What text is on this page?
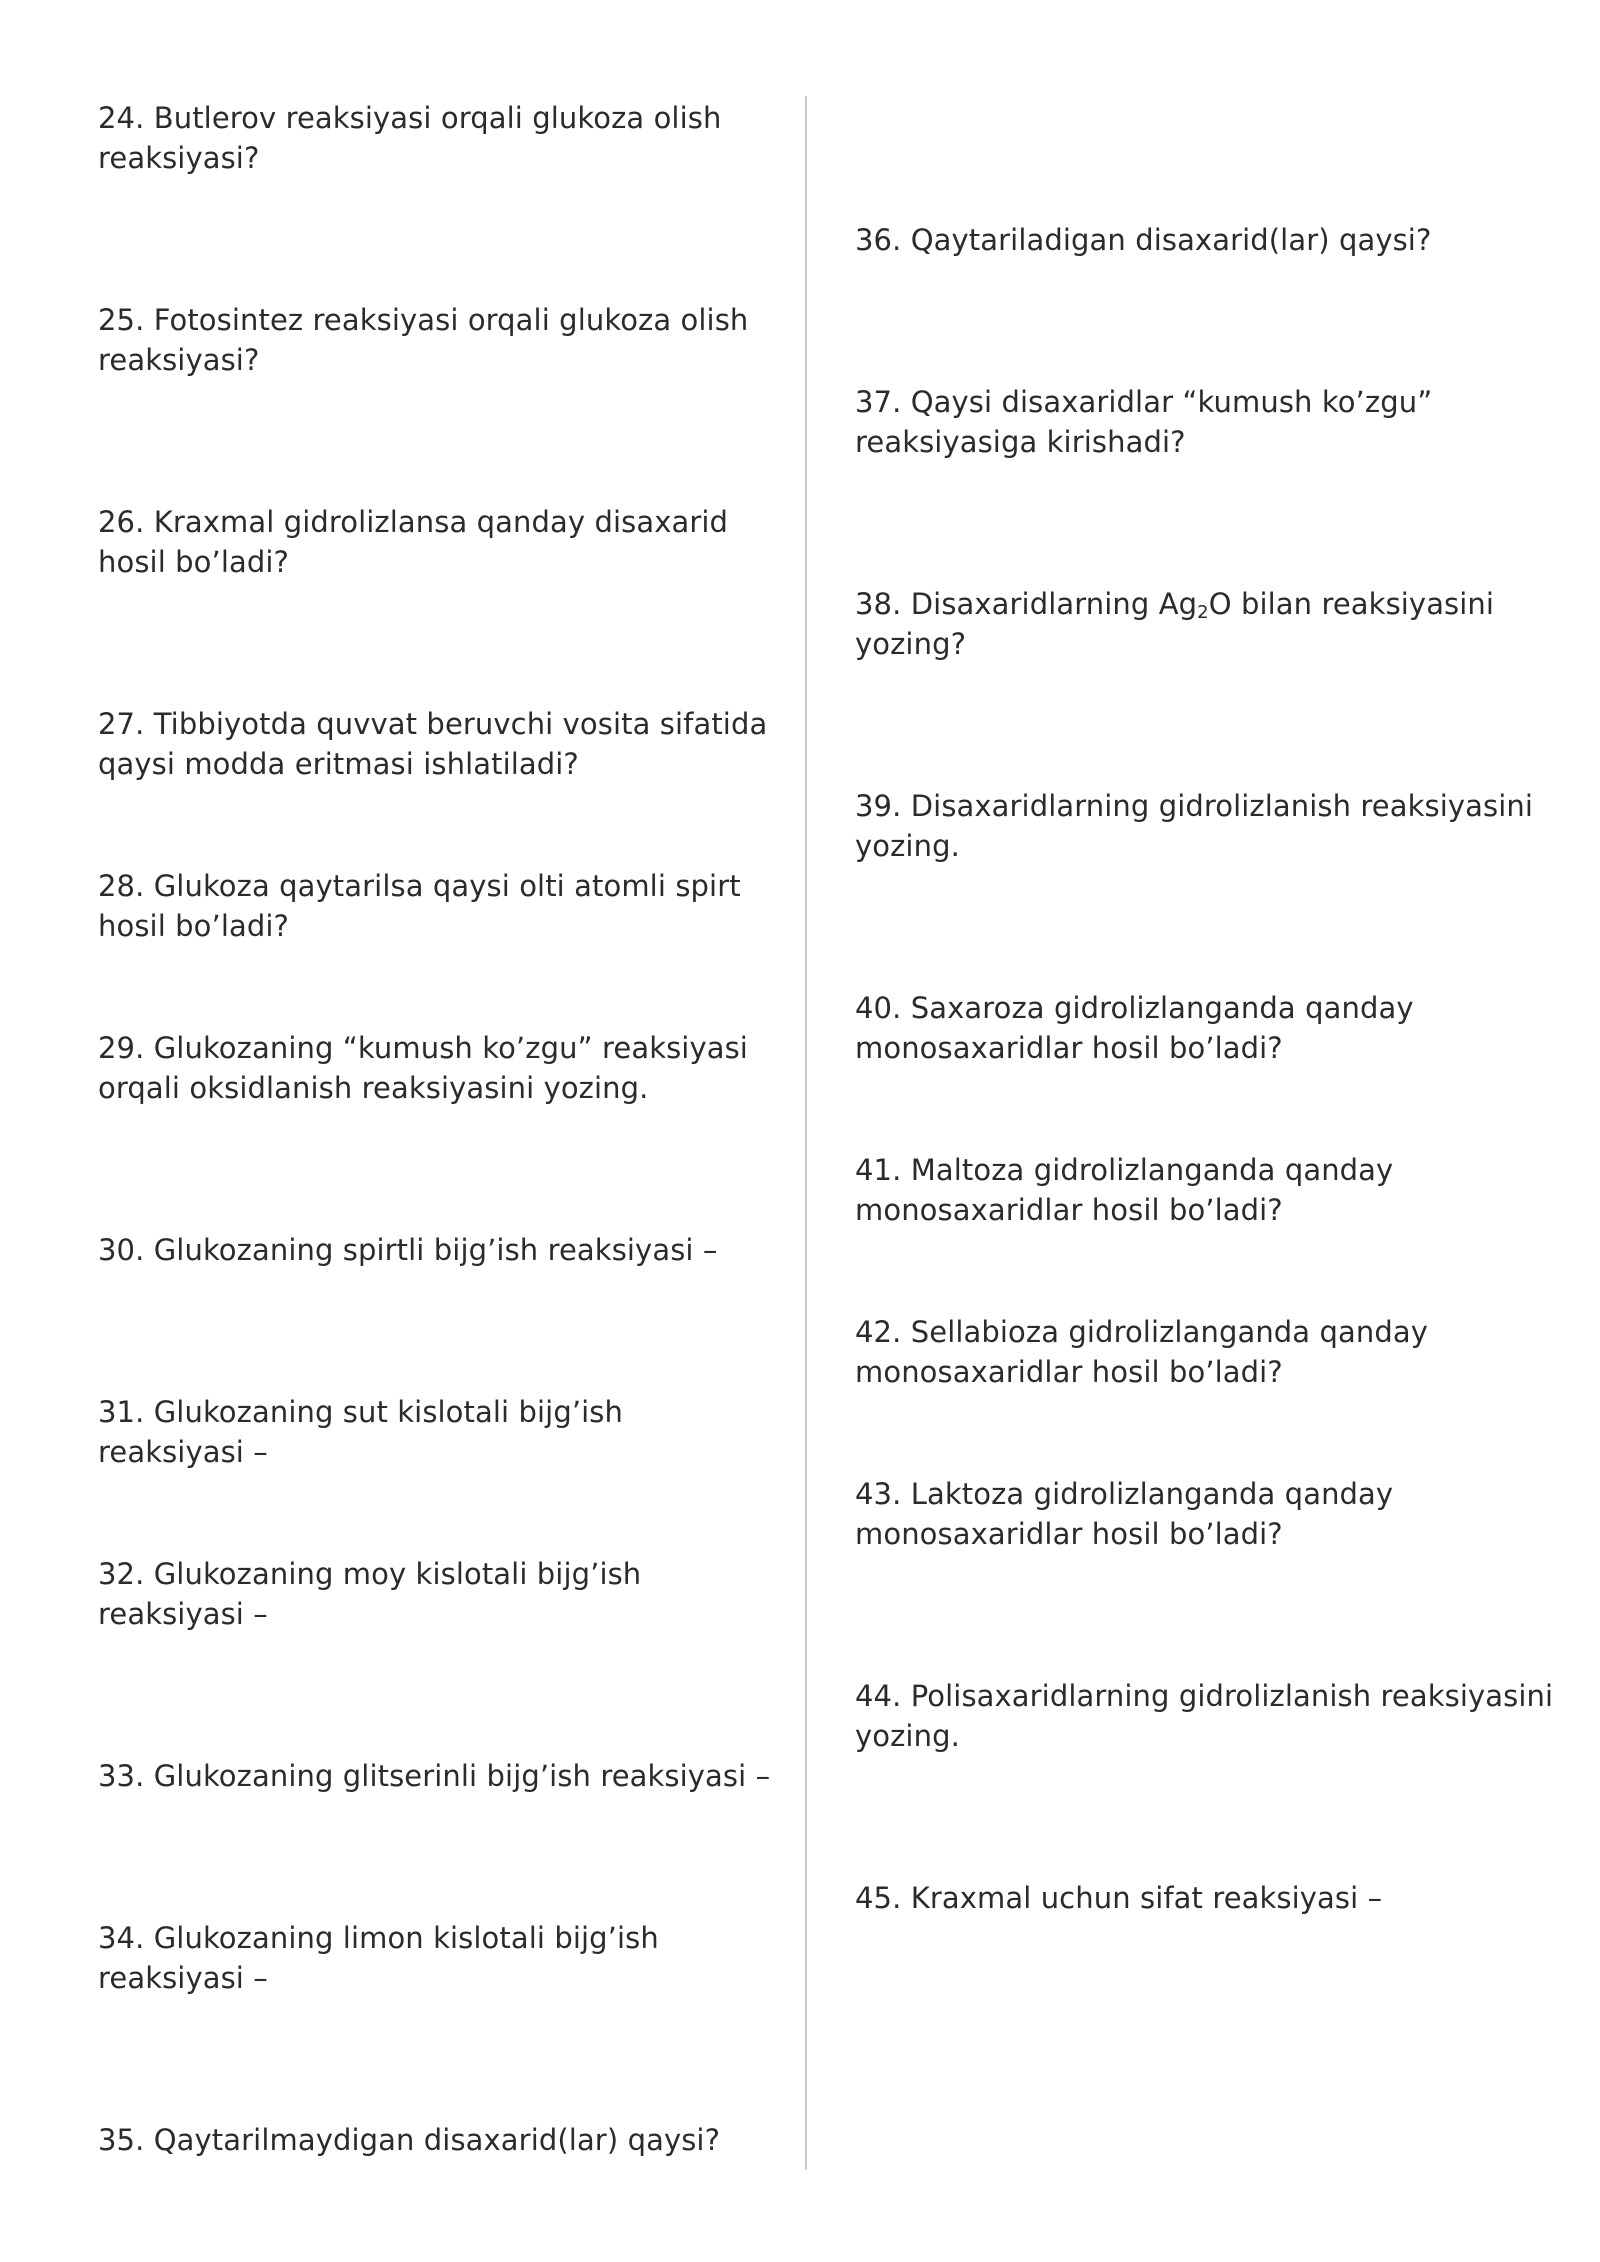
24. Butlerov reaksiyasi orqali glukoza olish reaksiyasi?

25. Fotosintez reaksiyasi orqali glukoza olish reaksiyasi?

26. Kraxmal gidrolizlansa qanday disaxarid hosil bo’ladi?

27. Tibbiyotda quvvat beruvchi vosita sifatida qaysi modda eritmasi ishlatiladi?

28. Glukoza qaytarilsa qaysi olti atomli spirt hosil bo’ladi?

29. Glukozaning “kumush ko’zgu” reaksiyasi orqali oksidlanish reaksiyasini yozing.

30. Glukozaning spirtli bijg’ish reaksiyasi –

31. Glukozaning sut kislotali bijg’ish reaksiyasi –

32. Glukozaning moy kislotali bijg’ish reaksiyasi –

33. Glukozaning glitserinli bijg’ish reaksiyasi –

34. Glukozaning limon kislotali bijg’ish reaksiyasi –

35. Qaytarilmaydigan disaxarid(lar) qaysi?

36. Qaytariladigan disaxarid(lar) qaysi?

37. Qaysi disaxaridlar “kumush ko’zgu” reaksiyasiga kirishadi?

38. Disaxaridlarning $Ag_2O$ bilan reaksiyasini yozing?

39. Disaxaridlarning gidrolizlanish reaksiyasini yozing.

40. Saxaroza gidrolizlanganda qanday monosaxaridlar hosil bo’ladi?

41. Maltoza gidrolizlanganda qanday monosaxaridlar hosil bo’ladi?

42. Sellabioza gidrolizlanganda qanday monosaxaridlar hosil bo’ladi?

43. Laktoza gidrolizlanganda qanday monosaxaridlar hosil bo’ladi?

44. Polisaxaridlarning gidrolizlanish reaksiyasini yozing.

45. Kraxmal uchun sifat reaksiyasi –
